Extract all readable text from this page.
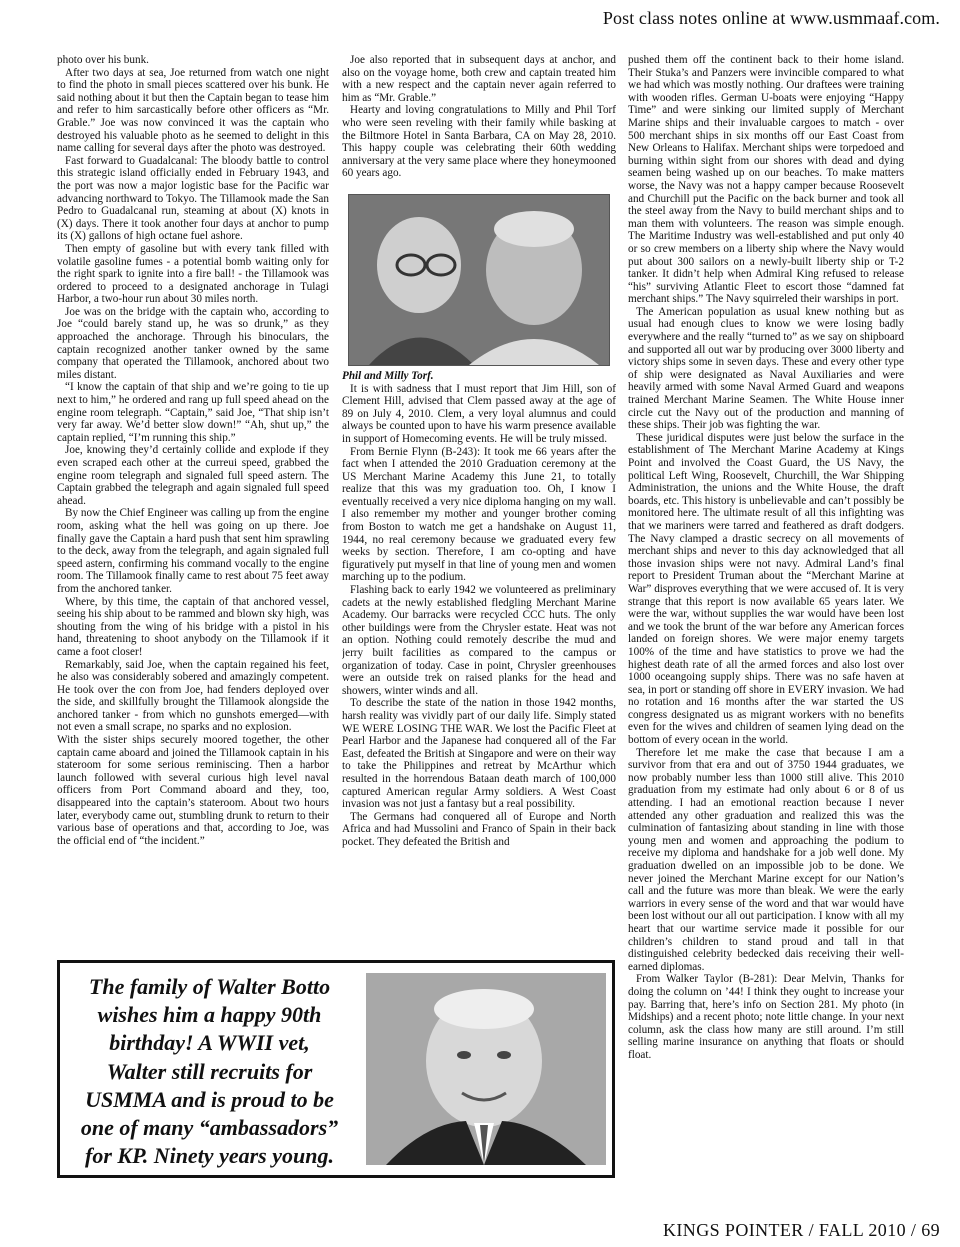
Post class notes online at www.usmmaaf.com.

photo over his bunk.

After two days at sea, Joe returned from watch one night to find the photo in small pieces scattered over his bunk. He said nothing about it but then the Captain began to tease him and refer to him sarcastically before other officers as “Mr. Grable.” Joe was now convinced it was the captain who destroyed his valuable photo as he seemed to delight in this name calling for several days after the photo was destroyed.

Fast forward to Guadalcanal: The bloody battle to control this strategic island officially ended in February 1943, and the port was now a major logistic base for the Pacific war advancing northward to Tokyo. The Tillamook made the San Pedro to Guadalcanal run, steaming at about (X) knots in (X) days. There it took another four days at anchor to pump its (X) gallons of high octane fuel ashore.

Then empty of gasoline but with every tank filled with volatile gasoline fumes - a potential bomb waiting only for the right spark to ignite into a fire ball! - the Tillamook was ordered to proceed to a designated anchorage in Tulagi Harbor, a two-hour run about 30 miles north.

Joe was on the bridge with the captain who, according to Joe “could barely stand up, he was so drunk,” as they approached the anchorage. Through his binoculars, the captain recognized another tanker owned by the same company that operated the Tillamook, anchored about two miles distant.

“I know the captain of that ship and we’re going to tie up next to him,” he ordered and rang up full speed ahead on the engine room telegraph. “Captain,” said Joe, “That ship isn’t very far away. We’d better slow down!” “Ah, shut up,” the captain replied, “I’m running this ship.”

Joe, knowing they’d certainly collide and explode if they even scraped each other at the curreui speed, grabbed the engine room telegraph and signaled full speed astern. The Captain grabbed the telegraph and again signaled full speed ahead.

By now the Chief Engineer was calling up from the engine room, asking what the hell was going on up there. Joe finally gave the Captain a hard push that sent him sprawling to the deck, away from the telegraph, and again signaled full speed astern, confirming his command vocally to the engine room. The Tillamook finally came to rest about 75 feet away from the anchored tanker.

Where, by this time, the captain of that anchored vessel, seeing his ship about to be rammed and blown sky high, was shouting from the wing of his bridge with a pistol in his hand, threatening to shoot anybody on the Tillamook if it came a foot closer!

Remarkably, said Joe, when the captain regained his feet, he also was considerably sobered and amazingly competent. He took over the con from Joe, had fenders deployed over the side, and skillfully brought the Tillamook alongside the anchored tanker - from which no gunshots emerged—with not even a small scrape, no sparks and no explosion.

With the sister ships securely moored together, the other captain came aboard and joined the Tillamook captain in his stateroom for some serious reminiscing. Then a harbor launch followed with several curious high level naval officers from Port Command aboard and they, too, disappeared into the captain’s stateroom. About two hours later, everybody came out, stumbling drunk to return to their various base of operations and that, according to Joe, was the official end of “the incident.”

Joe also reported that in subsequent days at anchor, and also on the voyage home, both crew and captain treated him with a new respect and the captain never again referred to him as “Mr. Grable.”

Hearty and loving congratulations to Milly and Phil Torf who were seen reveling with their family while basking at the Biltmore Hotel in Santa Barbara, CA on May 28, 2010. This happy couple was celebrating their 60th wedding anniversary at the very same place where they honeymooned 60 years ago.

Phil and Milly Torf.

It is with sadness that I must report that Jim Hill, son of Clement Hill, advised that Clem passed away at the age of 89 on July 4, 2010. Clem, a very loyal alumnus and could always be counted upon to have his warm presence available in support of Homecoming events. He will be truly missed.

From Bernie Flynn (B-243): It took me 66 years after the fact when I attended the 2010 Graduation ceremony at the US Merchant Marine Academy this June 21, to totally realize that this was my graduation too. Oh, I know I eventually received a very nice diploma hanging on my wall. I also remember my mother and younger brother coming from Boston to watch me get a handshake on August 11, 1944, no real ceremony because we graduated every few weeks by section. Therefore, I am co-opting and have figuratively put myself in that line of young men and women marching up to the podium.

Flashing back to early 1942 we volunteered as preliminary cadets at the newly established fledgling Merchant Marine Academy. Our barracks were recycled CCC huts. The only other buildings were from the Chrysler estate. Heat was not an option. Nothing could remotely describe the mud and jerry built facilities as compared to the campus or organization of today. Case in point, Chrysler greenhouses were an outside trek on raised planks for the head and showers, winter winds and all.

To describe the state of the nation in those 1942 months, harsh reality was vividly part of our daily life. Simply stated WE WERE LOSING THE WAR. We lost the Pacific Fleet at Pearl Harbor and the Japanese had conquered all of the Far East, defeated the British at Singapore and were on their way to take the Philippines and retreat by McArthur which resulted in the horrendous Bataan death march of 100,000 captured American regular Army soldiers. A West Coast invasion was not just a fantasy but a real possibility.

The Germans had conquered all of Europe and North Africa and had Mussolini and Franco of Spain in their back pocket. They defeated the British and

pushed them off the continent back to their home island. Their Stuka’s and Panzers were invincible compared to what we had which was mostly nothing. Our draftees were training with wooden rifles. German U-boats were enjoying “Happy Time” and were sinking our limited supply of Merchant Marine ships and their invaluable cargoes to match - over 500 merchant ships in six months off our East Coast from New Orleans to Halifax. Merchant ships were torpedoed and burning within sight from our shores with dead and dying seamen being washed up on our beaches. To make matters worse, the Navy was not a happy camper because Roosevelt and Churchill put the Pacific on the back burner and took all the steel away from the Navy to build merchant ships and to man them with volunteers. The reason was simple enough. The Maritime Industry was well-established and put only 40 or so crew members on a liberty ship where the Navy would put about 300 sailors on a newly-built liberty ship or T-2 tanker. It didn’t help when Admiral King refused to release “his” surviving Atlantic Fleet to escort those “damned fat merchant ships.” The Navy squirreled their warships in port.

The American population as usual knew nothing but as usual had enough clues to know we were losing badly everywhere and the really “turned to” as we say on shipboard and supported all out war by producing over 3000 liberty and victory ships some in seven days. These and every other type of ship were designated as Naval Auxiliaries and were heavily armed with some Naval Armed Guard and weapons trained Merchant Marine Seamen. The White House inner circle cut the Navy out of the production and manning of these ships. Their job was fighting the war.

These juridical disputes were just below the surface in the establishment of The Merchant Marine Academy at Kings Point and involved the Coast Guard, the US Navy, the political Left Wing, Roosevelt, Churchill, the War Shipping Administration, the unions and the White House, the draft boards, etc. This history is unbelievable and can’t possibly be monitored here. The ultimate result of all this infighting was that we mariners were tarred and feathered as draft dodgers. The Navy clamped a drastic secrecy on all movements of merchant ships and never to this day acknowledged that all those invasion ships were not navy. Admiral Land’s final report to President Truman about the “Merchant Marine at War” disproves everything that we were accused of. It is very strange that this report is now available 65 years later. We were the war, without supplies the war would have been lost and we took the brunt of the war before any American forces landed on foreign shores. We were major enemy targets 100% of the time and have statistics to prove we had the highest death rate of all the armed forces and also lost over 1000 oceangoing supply ships. There was no safe haven at sea, in port or standing off shore in EVERY invasion. We had no rotation and 16 months after the war started the US congress designated us as migrant workers with no benefits even for the wives and children of seamen lying dead on the bottom of every ocean in the world.

Therefore let me make the case that because I am a survivor from that era and out of 3750 1944 graduates, we now probably number less than 1000 still alive. This 2010 graduation from my estimate had only about 6 or 8 of us attending. I had an emotional reaction because I never attended any other graduation and realized this was the culmination of fantasizing about standing in line with those young men and women and approaching the podium to receive my diploma and handshake for a job well done. My graduation dwelled on an impossible job to be done. We never joined the Merchant Marine except for our Nation’s call and the future was more than bleak. We were the early warriors in every sense of the word and that war would have been lost without our all out participation. I know with all my heart that our wartime service made it possible for our children’s children to stand proud and tall in that distinguished celebrity bedecked dais receiving their well-earned diplomas.

From Walker Taylor (B-281): Dear Melvin, Thanks for doing the column on ’44! I think they ought to increase your pay. Barring that, here’s info on Section 281. My photo (in Midships) and a recent photo; note little change. In your next column, ask the class how many are still around. I’m still selling marine insurance on anything that floats or should float.

The family of Walter Botto
wishes him a happy 90th
birthday! A WWII vet,
Walter still recruits for
USMMA and is proud to be
one of many “ambassadors”
for KP. Ninety years young.
KINGS POINTER / FALL 2010 / 69
